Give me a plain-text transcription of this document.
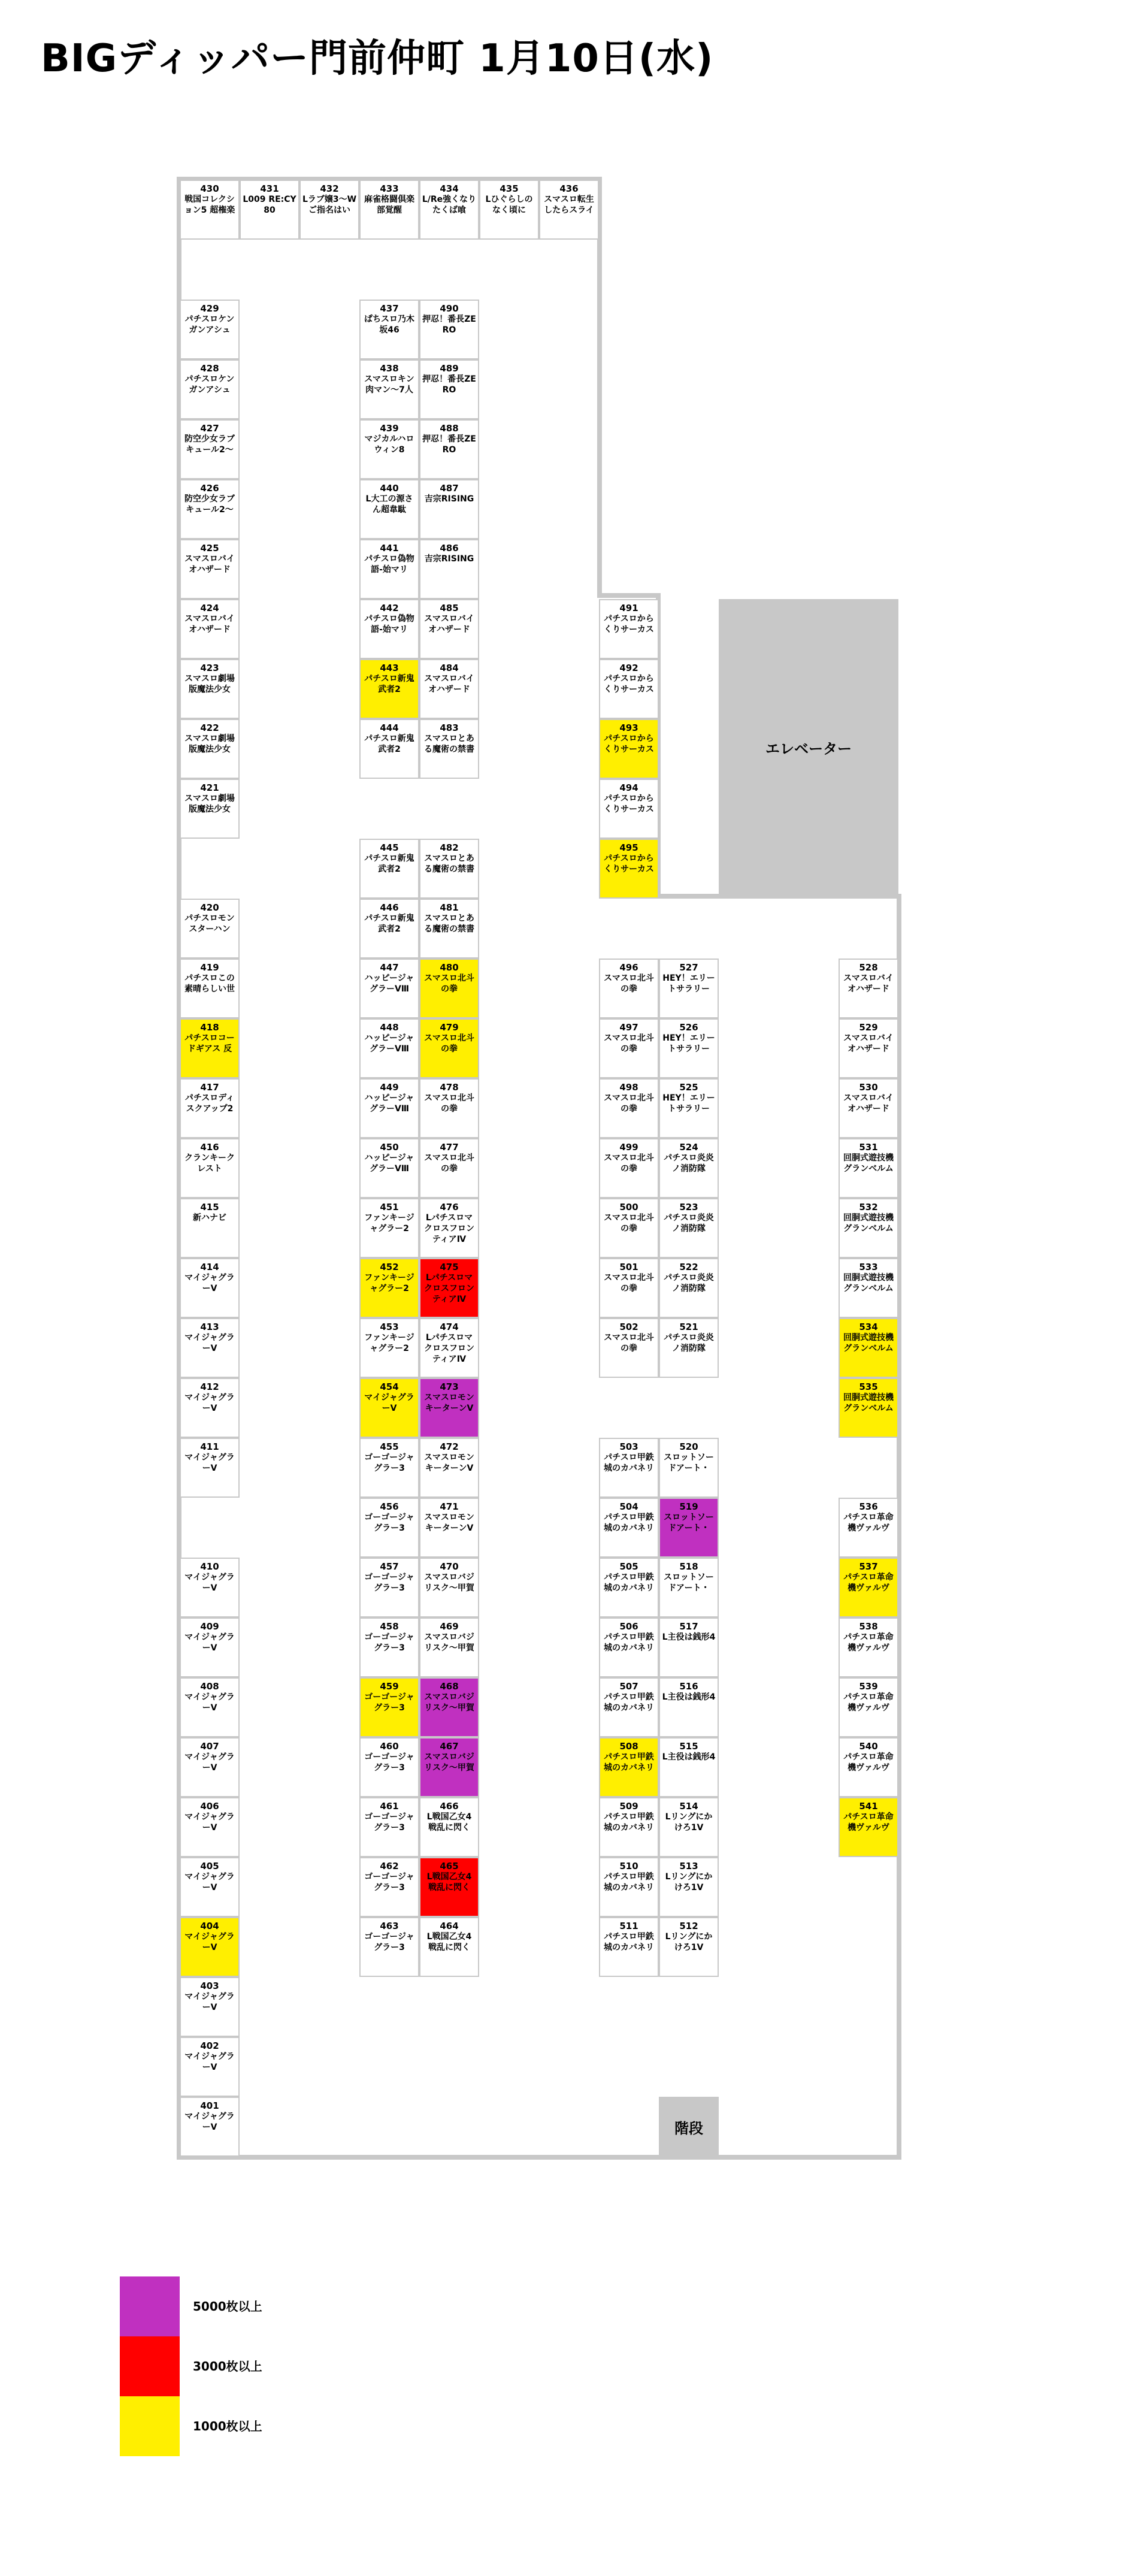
BIGディッパー門前仲町 1月10日(水)
エレベーター
階段
430
戦国コレクション5 超権楽
431
L009 RE:CY80
432
Lラブ嬢3～Wご指名はい
433
麻雀格闘倶楽部覚醒
434
L/Re強くなりたくば喰
435
Lひぐらしのなく頃に
436
スマスロ転生したらスライ
429
パチスロケンガンアシュ
428
パチスロケンガンアシュ
427
防空少女ラブキュール2～
426
防空少女ラブキュール2～
425
スマスロバイオハザード
424
スマスロバイオハザード
423
スマスロ劇場版魔法少女
422
スマスロ劇場版魔法少女
421
スマスロ劇場版魔法少女
420
パチスロモンスターハン
419
パチスロこの素晴らしい世
418
パチスロコードギアス 反
417
パチスロディスクアップ2
416
クランキークレスト
415
新ハナビ
414
マイジャグラーV
413
マイジャグラーV
412
マイジャグラーV
411
マイジャグラーV
410
マイジャグラーV
409
マイジャグラーV
408
マイジャグラーV
407
マイジャグラーV
406
マイジャグラーV
405
マイジャグラーV
404
マイジャグラーV
403
マイジャグラーV
402
マイジャグラーV
401
マイジャグラーV
437
ぱちスロ乃木坂46
438
スマスロキン肉マン～7人
439
マジカルハロウィン8
440
L大工の源さん超韋駄
441
パチスロ偽物語-始マリ
442
パチスロ偽物語-始マリ
443
パチスロ新鬼武者2
444
パチスロ新鬼武者2
445
パチスロ新鬼武者2
446
パチスロ新鬼武者2
447
ハッピージャグラーVⅢ
448
ハッピージャグラーVⅢ
449
ハッピージャグラーVⅢ
450
ハッピージャグラーVⅢ
451
ファンキージャグラー2
452
ファンキージャグラー2
453
ファンキージャグラー2
454
マイジャグラーV
455
ゴーゴージャグラー3
456
ゴーゴージャグラー3
457
ゴーゴージャグラー3
458
ゴーゴージャグラー3
459
ゴーゴージャグラー3
460
ゴーゴージャグラー3
461
ゴーゴージャグラー3
462
ゴーゴージャグラー3
463
ゴーゴージャグラー3
490
押忍！番長ZERO
489
押忍！番長ZERO
488
押忍！番長ZERO
487
吉宗RISING
486
吉宗RISING
485
スマスロバイオハザード
484
スマスロバイオハザード
483
スマスロとある魔術の禁書
482
スマスロとある魔術の禁書
481
スマスロとある魔術の禁書
480
スマスロ北斗の拳
479
スマスロ北斗の拳
478
スマスロ北斗の拳
477
スマスロ北斗の拳
476
LパチスロマクロスフロンティアⅣ
475
LパチスロマクロスフロンティアⅣ
474
LパチスロマクロスフロンティアⅣ
473
スマスロモンキーターンV
472
スマスロモンキーターンV
471
スマスロモンキーターンV
470
スマスロバジリスク～甲賀
469
スマスロバジリスク～甲賀
468
スマスロバジリスク～甲賀
467
スマスロバジリスク～甲賀
466
L戦国乙女4 戦乱に閃く
465
L戦国乙女4 戦乱に閃く
464
L戦国乙女4 戦乱に閃く
491
パチスロからくりサーカス
492
パチスロからくりサーカス
493
パチスロからくりサーカス
494
パチスロからくりサーカス
495
パチスロからくりサーカス
496
スマスロ北斗の拳
497
スマスロ北斗の拳
498
スマスロ北斗の拳
499
スマスロ北斗の拳
500
スマスロ北斗の拳
501
スマスロ北斗の拳
502
スマスロ北斗の拳
503
パチスロ甲鉄城のカバネリ
504
パチスロ甲鉄城のカバネリ
505
パチスロ甲鉄城のカバネリ
506
パチスロ甲鉄城のカバネリ
507
パチスロ甲鉄城のカバネリ
508
パチスロ甲鉄城のカバネリ
509
パチスロ甲鉄城のカバネリ
510
パチスロ甲鉄城のカバネリ
511
パチスロ甲鉄城のカバネリ
527
HEY！エリートサラリー
526
HEY！エリートサラリー
525
HEY！エリートサラリー
524
パチスロ炎炎ノ消防隊
523
パチスロ炎炎ノ消防隊
522
パチスロ炎炎ノ消防隊
521
パチスロ炎炎ノ消防隊
520
スロットソードアート・
519
スロットソードアート・
518
スロットソードアート・
517
L主役は銭形4
516
L主役は銭形4
515
L主役は銭形4
514
Lリングにかけろ1V
513
Lリングにかけろ1V
512
Lリングにかけろ1V
528
スマスロバイオハザード
529
スマスロバイオハザード
530
スマスロバイオハザード
531
回胴式遊技機 グランベルム
532
回胴式遊技機 グランベルム
533
回胴式遊技機 グランベルム
534
回胴式遊技機 グランベルム
535
回胴式遊技機 グランベルム
536
パチスロ革命機ヴァルヴ
537
パチスロ革命機ヴァルヴ
538
パチスロ革命機ヴァルヴ
539
パチスロ革命機ヴァルヴ
540
パチスロ革命機ヴァルヴ
541
パチスロ革命機ヴァルヴ
5000枚以上
3000枚以上
1000枚以上
